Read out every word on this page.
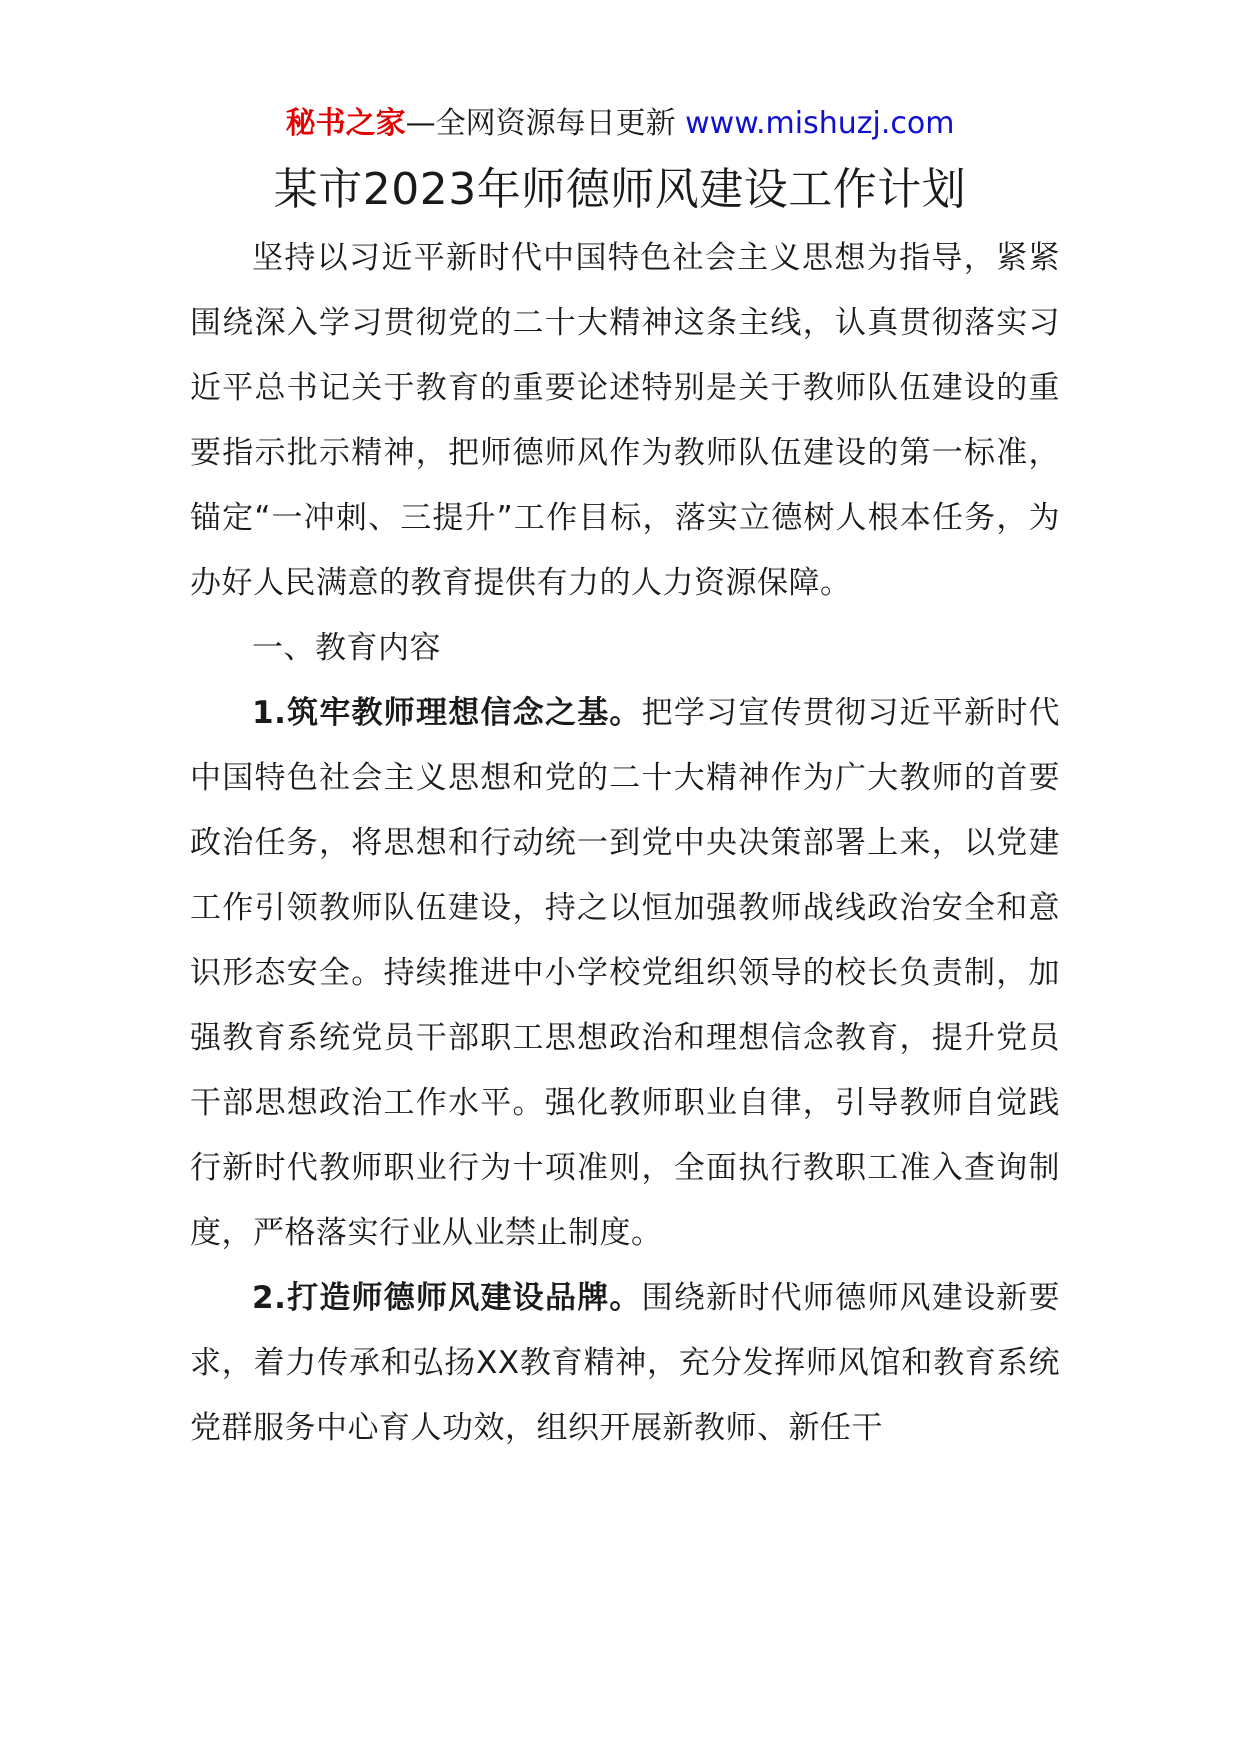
秘书之家—全网资源每日更新 www.mishuzj.com
某市2023年师德师风建设工作计划

坚持以习近平新时代中国特色社会主义思想为指导，紧紧围绕深入学习贯彻党的二十大精神这条主线，认真贯彻落实习近平总书记关于教育的重要论述特别是关于教师队伍建设的重要指示批示精神，把师德师风作为教师队伍建设的第一标准，锚定“一冲刺、三提升”工作目标，落实立德树人根本任务，为办好人民满意的教育提供有力的人力资源保障。

一、教育内容

1.筑牢教师理想信念之基。把学习宣传贯彻习近平新时代中国特色社会主义思想和党的二十大精神作为广大教师的首要政治任务，将思想和行动统一到党中央决策部署上来，以党建工作引领教师队伍建设，持之以恒加强教师战线政治安全和意识形态安全。持续推进中小学校党组织领导的校长负责制，加强教育系统党员干部职工思想政治和理想信念教育，提升党员干部思想政治工作水平。强化教师职业自律，引导教师自觉践行新时代教师职业行为十项准则，全面执行教职工准入查询制度，严格落实行业从业禁止制度。

2.打造师德师风建设品牌。围绕新时代师德师风建设新要求，着力传承和弘扬XX教育精神，充分发挥师风馆和教育系统党群服务中心育人功效，组织开展新教师、新任干
